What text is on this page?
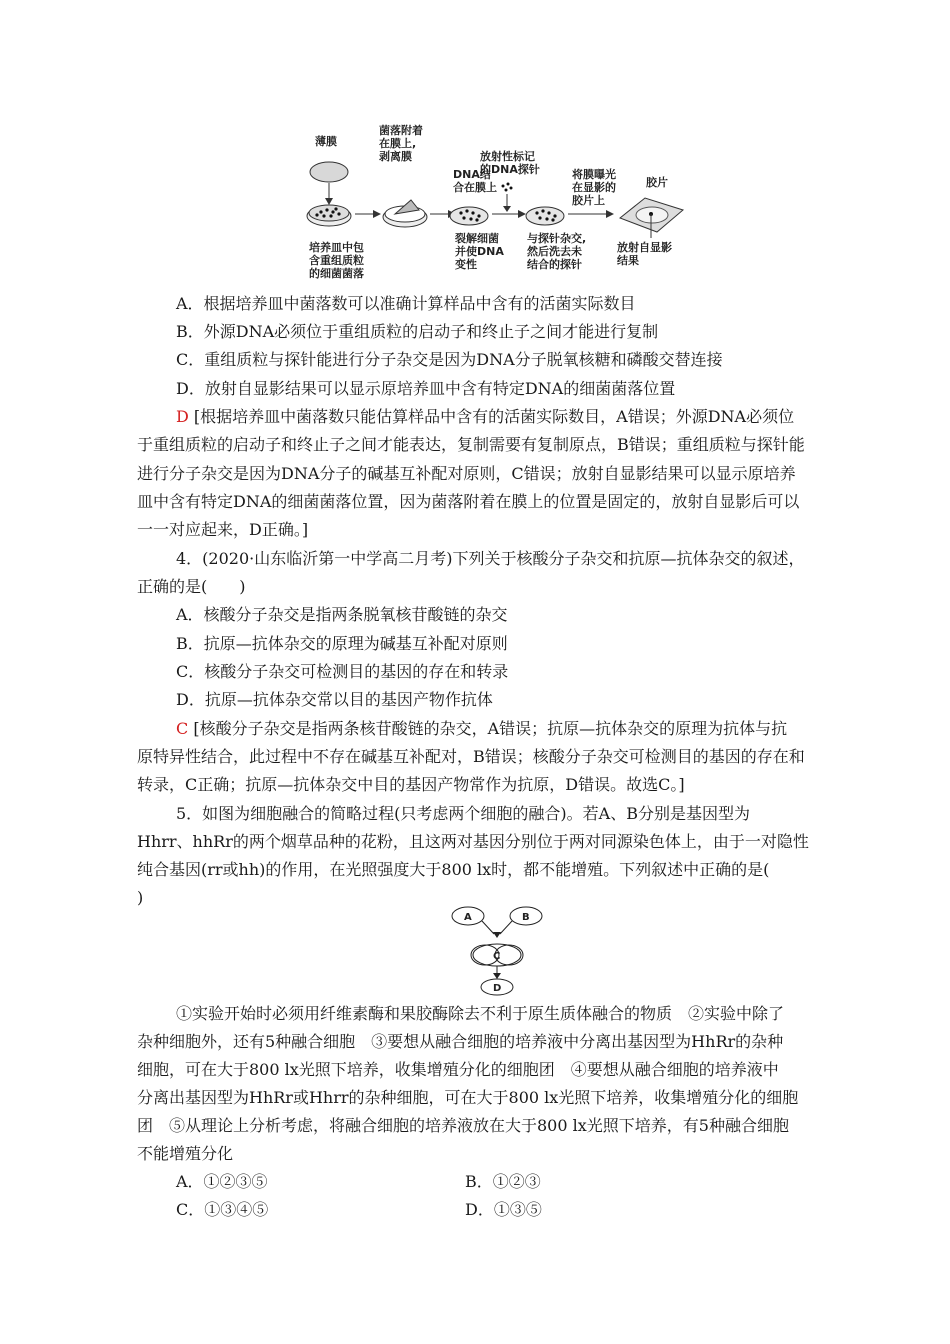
薄膜
菌落附着 在膜上, 剥离膜
DNA结 合在膜上
放射性标记 的DNA探针	将膜曝光 在显影的 胶片上
胶片
培养皿中包 含重组质粒 的细菌菌落
裂解细菌 并使DNA 变性
与探针杂交, 然后洗去未 结合的探针
放射自显影 结果
A．根据培养皿中菌落数可以准确计算样品中含有的活菌实际数目
B．外源DNA必须位于重组质粒的启动子和终止子之间才能进行复制
C．重组质粒与探针能进行分子杂交是因为DNA分子脱氧核糖和磷酸交替连接
D．放射自显影结果可以显示原培养皿中含有特定DNA的细菌菌落位置
D [根据培养皿中菌落数只能估算样品中含有的活菌实际数目，A错误；外源DNA必须位
于重组质粒的启动子和终止子之间才能表达，复制需要有复制原点，B错误；重组质粒与探针能
进行分子杂交是因为DNA分子的碱基互补配对原则，C错误；放射自显影结果可以显示原培养
皿中含有特定DNA的细菌菌落位置，因为菌落附着在膜上的位置是固定的，放射自显影后可以
一一对应起来，D正确。]
4．(2020·山东临沂第一中学高二月考)下列关于核酸分子杂交和抗原—抗体杂交的叙述，
正确的是(　　)
A．核酸分子杂交是指两条脱氧核苷酸链的杂交
B．抗原—抗体杂交的原理为碱基互补配对原则
C．核酸分子杂交可检测目的基因的存在和转录
D．抗原—抗体杂交常以目的基因产物作抗体
C [核酸分子杂交是指两条核苷酸链的杂交，A错误；抗原—抗体杂交的原理为抗体与抗
原特异性结合，此过程中不存在碱基互补配对，B错误；核酸分子杂交可检测目的基因的存在和
转录，C正确；抗原—抗体杂交中目的基因产物常作为抗原，D错误。故选C。]
5．如图为细胞融合的简略过程(只考虑两个细胞的融合)。若A、B分别是基因型为
Hhrr、hhRr的两个烟草品种的花粉，且这两对基因分别位于两对同源染色体上，由于一对隐性
纯合基因(rr或hh)的作用，在光照强度大于800 lx时，都不能增殖。下列叙述中正确的是(
)
A	B
C
D
①实验开始时必须用纤维素酶和果胶酶除去不利于原生质体融合的物质　②实验中除了
杂种细胞外，还有5种融合细胞　③要想从融合细胞的培养液中分离出基因型为HhRr的杂种
细胞，可在大于800 lx光照下培养，收集增殖分化的细胞团　④要想从融合细胞的培养液中
分离出基因型为HhRr或Hhrr的杂种细胞，可在大于800 lx光照下培养，收集增殖分化的细胞
团　⑤从理论上分析考虑，将融合细胞的培养液放在大于800 lx光照下培养，有5种融合细胞
不能增殖分化
A．①②③⑤	B．①②③
C．①③④⑤	D．①③⑤
